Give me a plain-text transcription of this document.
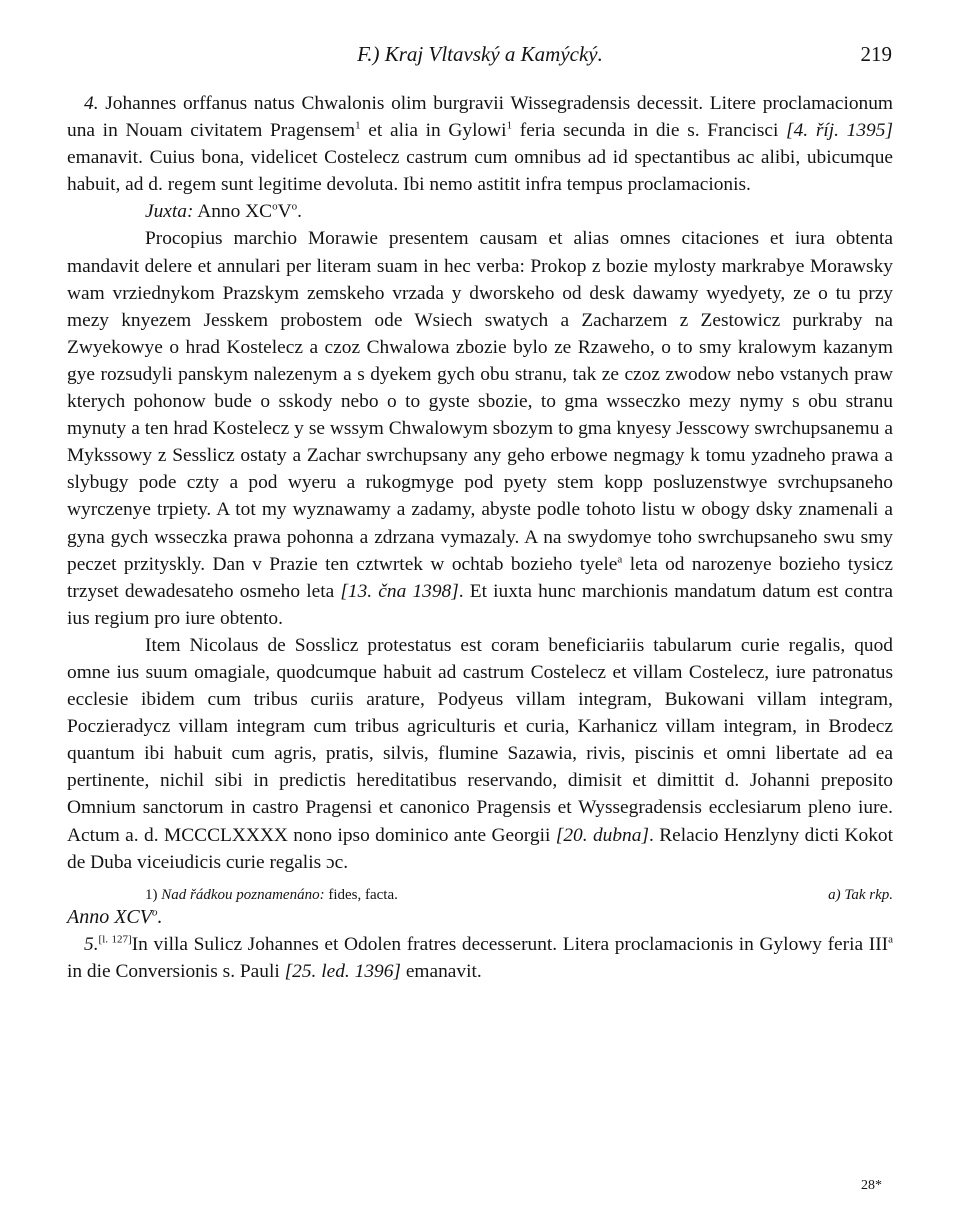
F.) Kraj Vltavský a Kamýcký.	219

4. Johannes orffanus natus Chwalonis olim burgravii Wissegradensis decessit. Litere proclamacionum una in Nouam civitatem Pragensem$^1$ et alia in Gylowi$^1$ feria secunda in die s. Francisci [4. říj. 1395] emanavit. Cuius bona, videlicet Costelecz castrum cum omnibus ad id spectantibus ac alibi, ubicumque habuit, ad d. regem sunt legitime devoluta. Ibi nemo astitit infra tempus proclamacionis.

Juxta: Anno $XC^oV^o$.

Procopius marchio Morawie presentem causam et alias omnes citaciones et iura obtenta mandavit delere et annulari per literam suam in hec verba: Prokop z bozie mylosty markrabye Morawsky wam vrziednykom Prazskym zemskeho vrzada y dworskeho od desk dawamy wyedyety, ze o tu przy mezy knyezem Jesskem probostem ode Wsiech swatych a Zacharzem z Zestowicz purkraby na Zwyekowye o hrad Kostelecz a czoz Chwalowa zbozie bylo ze Rzaweho, o to smy kralowym kazanym gye rozsudyli panskym nalezenym a s dyekem gych obu stranu, tak ze czoz zwodow nebo vstanych praw kterych pohonow bude o sskody nebo o to gyste sbozie, to gma wsseczko mezy nymy s obu stranu mynuty a ten hrad Kostelecz y se wssym Chwalowym sbozym to gma knyesy Jesscowy swrchupsanemu a Mykssowy z Sesslicz ostaty a Zachar swrchupsany any geho erbowe negmagy k tomu yzadneho prawa a slybugy pode czty a pod wyeru a rukogmyge pod pyety stem kopp posluzenstwye svrchupsaneho wyrczenye trpiety. A tot my wyznawamy a zadamy, abyste podle tohoto listu w obogy dsky znamenali a gyna gych wsseczka prawa pohonna a zdrzana vymazaly. A na swydomye toho swrchupsaneho swu smy peczet przityskly. Dan v Prazie ten cztwrtek w ochtab bozieho tyele$^a$ leta od narozenye bozieho tysicz trzyset dewadesateho osmeho leta [13. čna 1398]. Et iuxta hunc marchionis mandatum datum est contra ius regium pro iure obtento.

Item Nicolaus de Sosslicz protestatus est coram beneficiariis tabularum curie regalis, quod omne ius suum omagiale, quodcumque habuit ad castrum Costelecz et villam Costelecz, iure patronatus ecclesie ibidem cum tribus curiis arature, Podyeus villam integram, Bukowani villam integram, Poczieradycz villam integram cum tribus agriculturis et curia, Karhanicz villam integram, in Brodecz quantum ibi habuit cum agris, pratis, silvis, flumine Sazawia, rivis, piscinis et omni libertate ad ea pertinente, nichil sibi in predictis hereditatibus reservando, dimisit et dimittit d. Johanni preposito Omnium sanctorum in castro Pragensi et canonico Pragensis et Wyssegradensis ecclesiarum pleno iure. Actum a. d. MCCCLXXXX nono ipso dominico ante Georgii [20. dubna]. Relacio Henzlyny dicti Kokot de Duba viceiudicis curie regalis ɔc.

1) Nad řádkou poznamenáno: fides, facta.	a) Tak rkp.

Anno XCV$^o$.

5.[l. 127]In villa Sulicz Johannes et Odolen fratres decesserunt. Litera proclamacionis in Gylowy feria III$^a$ in die Conversionis s. Pauli [25. led. 1396] emanavit.

28*
